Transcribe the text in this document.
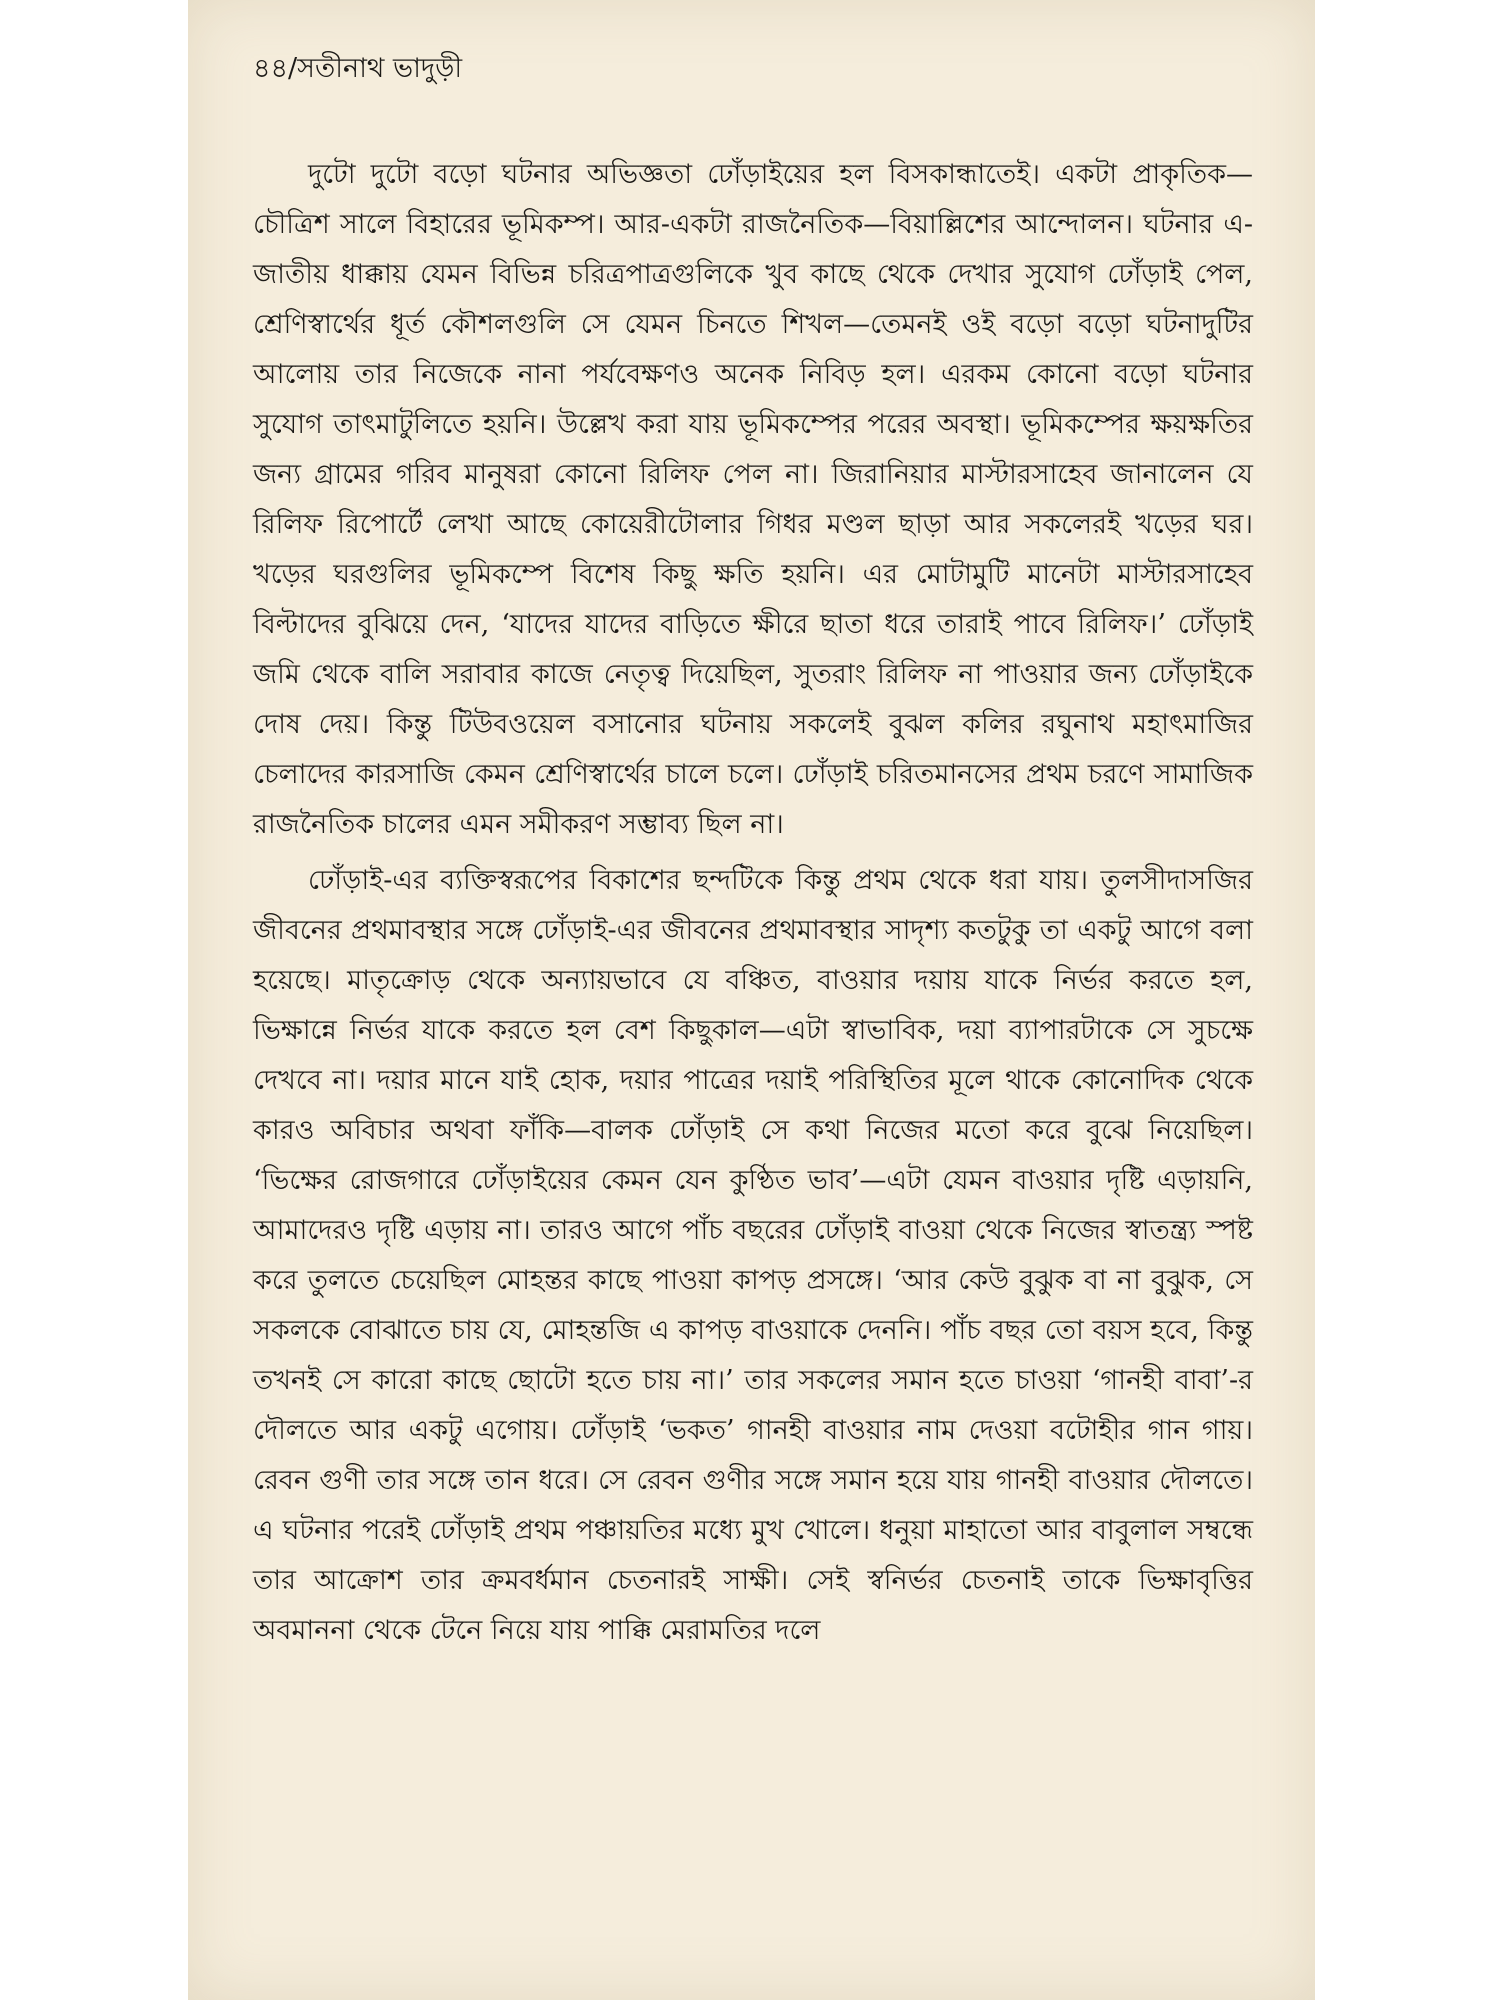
৪৪/সতীনাথ ভাদুড়ী

দুটো দুটো বড়ো ঘটনার অভিজ্ঞতা ঢোঁড়াইয়ের হল বিসকান্ধাতেই। একটা প্রাকৃতিক—চৌত্রিশ সালে বিহারের ভূমিকম্প। আর-একটা রাজনৈতিক—বিয়াল্লিশের আন্দোলন। ঘটনার এ-জাতীয় ধাক্কায় যেমন বিভিন্ন চরিত্রপাত্রগুলিকে খুব কাছে থেকে দেখার সুযোগ ঢোঁড়াই পেল, শ্রেণিস্বার্থের ধূর্ত কৌশলগুলি সে যেমন চিনতে শিখল—তেমনই ওই বড়ো বড়ো ঘটনাদুটির আলোয় তার নিজেকে নানা পর্যবেক্ষণও অনেক নিবিড় হল। এরকম কোনো বড়ো ঘটনার সুযোগ তাৎমাটুলিতে হয়নি। উল্লেখ করা যায় ভূমিকম্পের পরের অবস্থা। ভূমিকম্পের ক্ষয়ক্ষতির জন্য গ্রামের গরিব মানুষরা কোনো রিলিফ পেল না। জিরানিয়ার মাস্টারসাহেব জানালেন যে রিলিফ রিপোর্টে লেখা আছে কোয়েরীটোলার গিধর মণ্ডল ছাড়া আর সকলেরই খড়ের ঘর। খড়ের ঘরগুলির ভূমিকম্পে বিশেষ কিছু ক্ষতি হয়নি। এর মোটামুটি মানেটা মাস্টারসাহেব বিল্টাদের বুঝিয়ে দেন, ‘যাদের যাদের বাড়িতে ক্ষীরে ছাতা ধরে তারাই পাবে রিলিফ।’ ঢোঁড়াই জমি থেকে বালি সরাবার কাজে নেতৃত্ব দিয়েছিল, সুতরাং রিলিফ না পাওয়ার জন্য ঢোঁড়াইকে দোষ দেয়। কিন্তু টিউবওয়েল বসানোর ঘটনায় সকলেই বুঝল কলির রঘুনাথ মহাৎমাজির চেলাদের কারসাজি কেমন শ্রেণিস্বার্থের চালে চলে। ঢোঁড়াই চরিতমানসের প্রথম চরণে সামাজিক রাজনৈতিক চালের এমন সমীকরণ সম্ভাব্য ছিল না।

ঢোঁড়াই-এর ব্যক্তিস্বরূপের বিকাশের ছন্দটিকে কিন্তু প্রথম থেকে ধরা যায়। তুলসীদাসজির জীবনের প্রথমাবস্থার সঙ্গে ঢোঁড়াই-এর জীবনের প্রথমাবস্থার সাদৃশ্য কতটুকু তা একটু আগে বলা হয়েছে। মাতৃক্রোড় থেকে অন্যায়ভাবে যে বঞ্চিত, বাওয়ার দয়ায় যাকে নির্ভর করতে হল, ভিক্ষান্নে নির্ভর যাকে করতে হল বেশ কিছুকাল—এটা স্বাভাবিক, দয়া ব্যাপারটাকে সে সুচক্ষে দেখবে না। দয়ার মানে যাই হোক, দয়ার পাত্রের দয়াই পরিস্থিতির মূলে থাকে কোনোদিক থেকে কারও অবিচার অথবা ফাঁকি—বালক ঢোঁড়াই সে কথা নিজের মতো করে বুঝে নিয়েছিল। ‘ভিক্ষের রোজগারে ঢোঁড়াইয়ের কেমন যেন কুণ্ঠিত ভাব’—এটা যেমন বাওয়ার দৃষ্টি এড়ায়নি, আমাদেরও দৃষ্টি এড়ায় না। তারও আগে পাঁচ বছরের ঢোঁড়াই বাওয়া থেকে নিজের স্বাতন্ত্র্য স্পষ্ট করে তুলতে চেয়েছিল মোহন্তর কাছে পাওয়া কাপড় প্রসঙ্গে। ‘আর কেউ বুঝুক বা না বুঝুক, সে সকলকে বোঝাতে চায় যে, মোহন্তজি এ কাপড় বাওয়াকে দেননি। পাঁচ বছর তো বয়স হবে, কিন্তু তখনই সে কারো কাছে ছোটো হতে চায় না।’ তার সকলের সমান হতে চাওয়া ‘গানহী বাবা’-র দৌলতে আর একটু এগোয়। ঢোঁড়াই ‘ভকত’ গানহী বাওয়ার নাম দেওয়া বটোহীর গান গায়। রেবন গুণী তার সঙ্গে তান ধরে। সে রেবন গুণীর সঙ্গে সমান হয়ে যায় গানহী বাওয়ার দৌলতে। এ ঘটনার পরেই ঢোঁড়াই প্রথম পঞ্চায়তির মধ্যে মুখ খোলে। ধনুয়া মাহাতো আর বাবুলাল সম্বন্ধে তার আক্রোশ তার ক্রমবর্ধমান চেতনারই সাক্ষী। সেই স্বনির্ভর চেতনাই তাকে ভিক্ষাবৃত্তির অবমাননা থেকে টেনে নিয়ে যায় পাক্কি মেরামতির দলে
